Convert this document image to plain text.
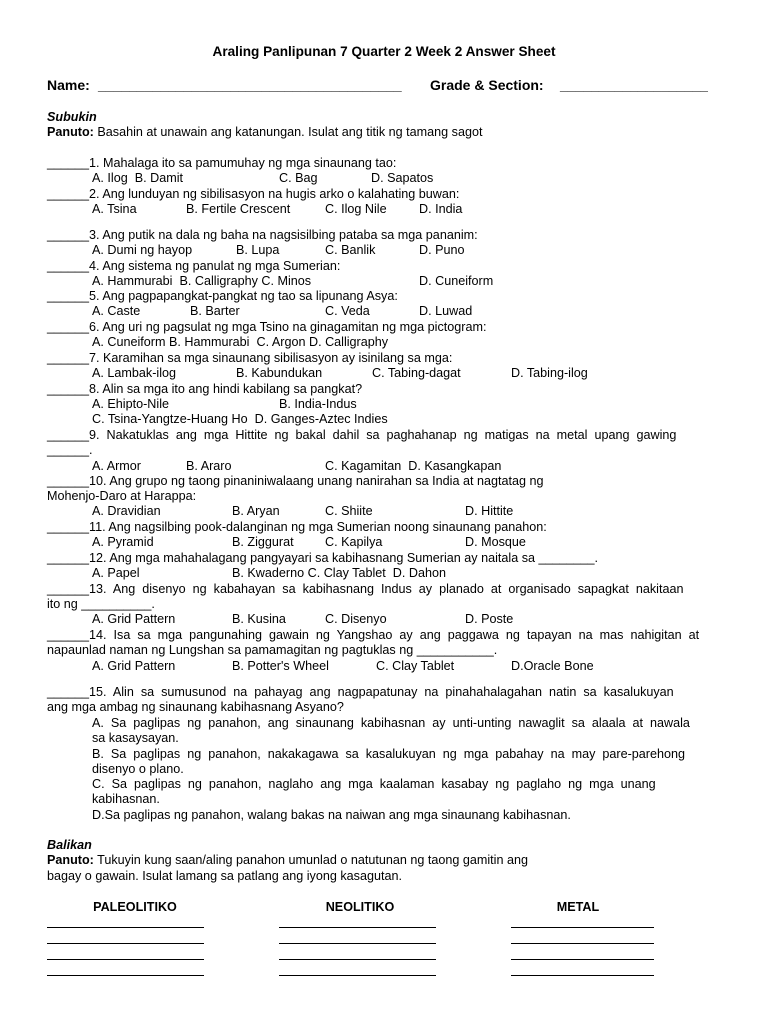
Araling Panlipunan 7 Quarter 2 Week 2 Answer Sheet
Name: _______________________________________ Grade & Section: ___________________
Subukin
Panuto: Basahin at unawain ang katanungan. Isulat ang titik ng tamang sagot
______1. Mahalaga ito sa pamumuhay ng mga sinaunang tao:
A. Ilog  B. Damit	C. Bag	D. Sapatos
______2. Ang lunduyan ng sibilisasyon na hugis arko o kalahating buwan:
A. Tsina	B. Fertile Crescent	C. Ilog Nile	D. India
______3. Ang putik na dala ng baha na nagsisilbing pataba sa mga pananim:
A. Dumi ng hayop	B. Lupa	C. Banlik	D. Puno
______4. Ang sistema ng panulat ng mga Sumerian:
A. Hammurabi  B. Calligraphy C. Minos	D. Cuneiform
______5. Ang pagpapangkat-pangkat ng tao sa lipunang Asya:
A. Caste	B. Barter	C. Veda	D. Luwad
______6. Ang uri ng pagsulat ng mga Tsino na ginagamitan ng mga pictogram:
A. Cuneiform B. Hammurabi  C. Argon D. Calligraphy
______7. Karamihan sa mga sinaunang sibilisasyon ay isinilang sa mga:
A. Lambak-ilog	B. Kabundukan	C. Tabing-dagat	D. Tabing-ilog
______8. Alin sa mga ito ang hindi kabilang sa pangkat?
A. Ehipto-Nile	B. India-Indus
C. Tsina-Yangtze-Huang Ho  D. Ganges-Aztec Indies
______9.  Nakatuklas  ang  mga  Hittite  ng  bakal  dahil  sa  paghahanap  ng  matigas  na  metal  upang  gawing
______.
A. Armor	B. Araro	C. Kagamitan  D. Kasangkapan
______10. Ang grupo ng taong pinaniniwalaang unang nanirahan sa India at nagtatag ng
Mohenjo-Daro at Harappa:
A. Dravidian	B. Aryan	C. Shiite	D. Hittite
______11. Ang nagsilbing pook-dalanginan ng mga Sumerian noong sinaunang panahon:
A. Pyramid	B. Ziggurat C. Kapilya	D. Mosque
______12. Ang mga mahahalagang pangyayari sa kabihasnang Sumerian ay naitala sa ________.
A. Papel	B. Kwaderno C. Clay Tablet  D. Dahon
______13.  Ang  disenyo  ng  kabahayan  sa  kabihasnang  Indus  ay  planado  at  organisado  sapagkat  nakitaan
ito ng __________.
A. Grid Pattern	B. Kusina	C. Disenyo	D. Poste
______14.  Isa  sa  mga  pangunahing  gawain  ng  Yangshao  ay  ang  paggawa  ng  tapayan  na  mas  nahigitan  at
napaunlad naman ng Lungshan sa pamamagitan ng pagtuklas ng ___________.
A. Grid Pattern	B. Potter's Wheel	C. Clay Tablet	D.Oracle Bone
______15.  Alin  sa  sumusunod  na  pahayag  ang  nagpapatunay  na  pinahahalagahan  natin  sa  kasalukuyan
ang mga ambag ng sinaunang kabihasnang Asyano?
A.  Sa  paglipas  ng  panahon,  ang  sinaunang  kabihasnan  ay  unti-unting  nawaglit  sa  alaala  at  nawala
sa kasaysayan.
B.  Sa  paglipas  ng  panahon,  nakakagawa  sa  kasalukuyan  ng  mga  pabahay  na  may  pare-parehong
disenyo o plano.
C.  Sa  paglipas  ng  panahon,  naglaho  ang  mga  kaalaman  kasabay  ng  paglaho  ng  mga  unang
kabihasnan.
D.Sa paglipas ng panahon, walang bakas na naiwan ang mga sinaunang kabihasnan.
Balikan
Panuto: Tukuyin kung saan/aling panahon umunlad o natutunan ng taong gamitin ang
bagay o gawain. Isulat lamang sa patlang ang iyong kasagutan.
PALEOLITIKO	NEOLITIKO	METAL
